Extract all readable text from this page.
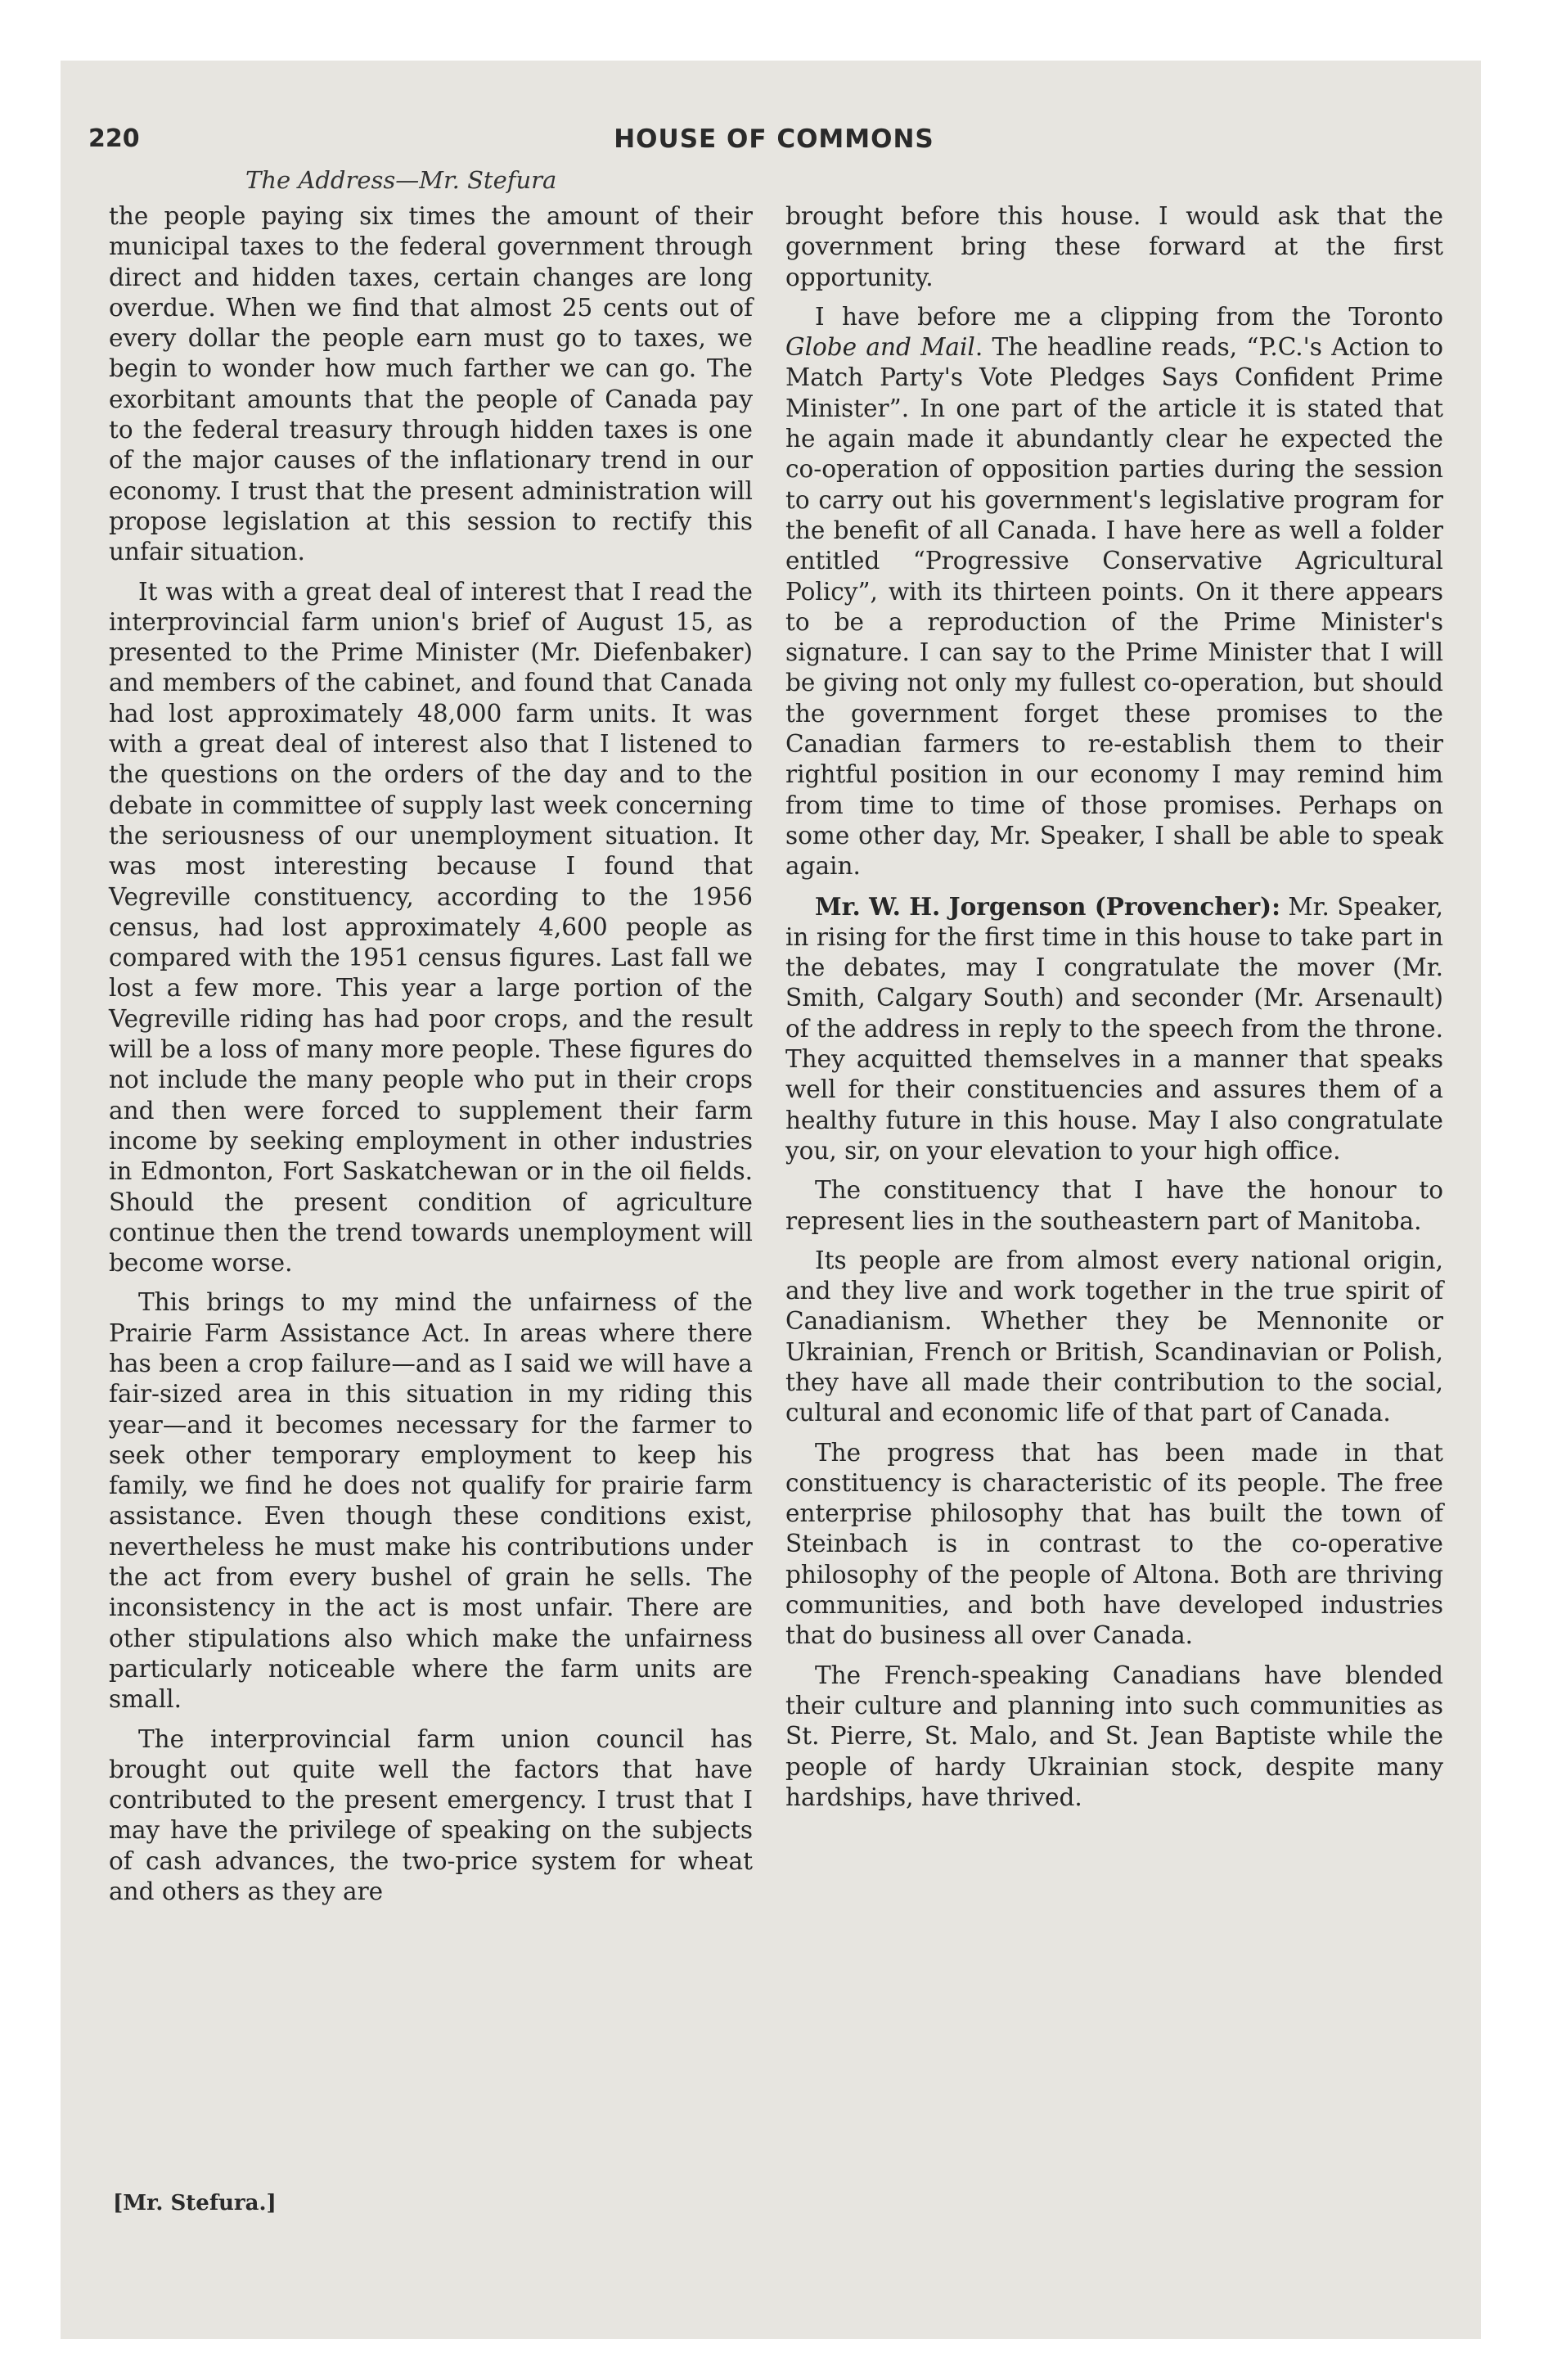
220	HOUSE OF COMMONS
The Address—Mr. Stefura

the people paying six times the amount of their municipal taxes to the federal government through direct and hidden taxes, certain changes are long overdue. When we find that almost 25 cents out of every dollar the people earn must go to taxes, we begin to wonder how much farther we can go. The exorbitant amounts that the people of Canada pay to the federal treasury through hidden taxes is one of the major causes of the inflationary trend in our economy. I trust that the present administration will propose legislation at this session to rectify this unfair situation.

It was with a great deal of interest that I read the interprovincial farm union's brief of August 15, as presented to the Prime Minister (Mr. Diefenbaker) and members of the cabinet, and found that Canada had lost approximately 48,000 farm units. It was with a great deal of interest also that I listened to the questions on the orders of the day and to the debate in committee of supply last week concerning the seriousness of our unemployment situation. It was most interesting because I found that Vegreville constituency, according to the 1956 census, had lost approximately 4,600 people as compared with the 1951 census figures. Last fall we lost a few more. This year a large portion of the Vegreville riding has had poor crops, and the result will be a loss of many more people. These figures do not include the many people who put in their crops and then were forced to supplement their farm income by seeking employment in other industries in Edmonton, Fort Saskatchewan or in the oil fields. Should the present condition of agriculture continue then the trend towards unemployment will become worse.

This brings to my mind the unfairness of the Prairie Farm Assistance Act. In areas where there has been a crop failure—and as I said we will have a fair-sized area in this situation in my riding this year—and it becomes necessary for the farmer to seek other temporary employment to keep his family, we find he does not qualify for prairie farm assistance. Even though these conditions exist, nevertheless he must make his contributions under the act from every bushel of grain he sells. The inconsistency in the act is most unfair. There are other stipulations also which make the unfairness particularly noticeable where the farm units are small.

The interprovincial farm union council has brought out quite well the factors that have contributed to the present emergency. I trust that I may have the privilege of speaking on the subjects of cash advances, the two-price system for wheat and others as they are

brought before this house. I would ask that the government bring these forward at the first opportunity.

I have before me a clipping from the Toronto Globe and Mail. The headline reads, “P.C.'s Action to Match Party's Vote Pledges Says Confident Prime Minister”. In one part of the article it is stated that he again made it abundantly clear he expected the co-operation of opposition parties during the session to carry out his government's legislative program for the benefit of all Canada. I have here as well a folder entitled “Progressive Conservative Agricultural Policy”, with its thirteen points. On it there appears to be a reproduction of the Prime Minister's signature. I can say to the Prime Minister that I will be giving not only my fullest co-operation, but should the government forget these promises to the Canadian farmers to re-establish them to their rightful position in our economy I may remind him from time to time of those promises. Perhaps on some other day, Mr. Speaker, I shall be able to speak again.

Mr. W. H. Jorgenson (Provencher): Mr. Speaker, in rising for the first time in this house to take part in the debates, may I congratulate the mover (Mr. Smith, Calgary South) and seconder (Mr. Arsenault) of the address in reply to the speech from the throne. They acquitted themselves in a manner that speaks well for their constituencies and assures them of a healthy future in this house. May I also congratulate you, sir, on your elevation to your high office.

The constituency that I have the honour to represent lies in the southeastern part of Manitoba.

Its people are from almost every national origin, and they live and work together in the true spirit of Canadianism. Whether they be Mennonite or Ukrainian, French or British, Scandinavian or Polish, they have all made their contribution to the social, cultural and economic life of that part of Canada.

The progress that has been made in that constituency is characteristic of its people. The free enterprise philosophy that has built the town of Steinbach is in contrast to the co-operative philosophy of the people of Altona. Both are thriving communities, and both have developed industries that do business all over Canada.

The French-speaking Canadians have blended their culture and planning into such communities as St. Pierre, St. Malo, and St. Jean Baptiste while the people of hardy Ukrainian stock, despite many hardships, have thrived.

[Mr. Stefura.]
